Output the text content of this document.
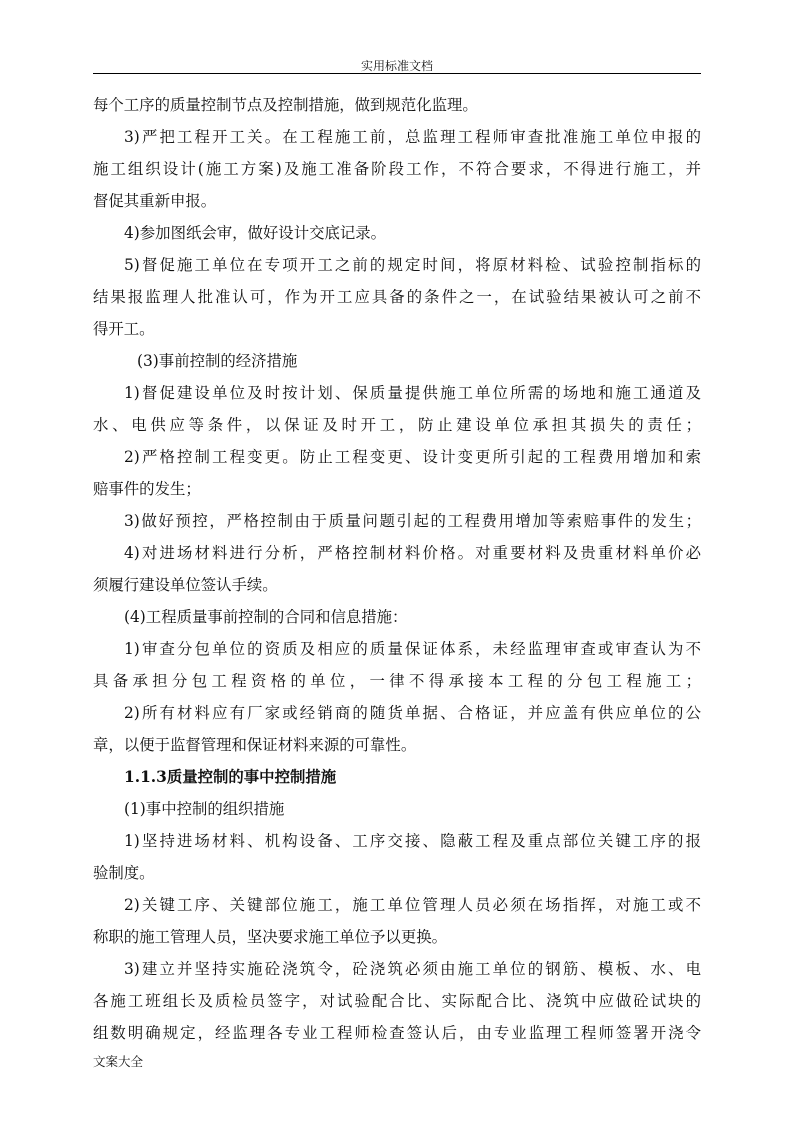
实用标准文档
每个工序的质量控制节点及控制措施，做到规范化监理。
3)严把工程开工关。在工程施工前，总监理工程师审查批准施工单位申报的
施工组织设计(施工方案)及施工准备阶段工作，不符合要求，不得进行施工，并
督促其重新申报。
4)参加图纸会审，做好设计交底记录。
5)督促施工单位在专项开工之前的规定时间，将原材料检、试验控制指标的
结果报监理人批准认可，作为开工应具备的条件之一，在试验结果被认可之前不
得开工。
(3)事前控制的经济措施
1)督促建设单位及时按计划、保质量提供施工单位所需的场地和施工通道及
水、电供应等条件，以保证及时开工，防止建设单位承担其损失的责任；
2)严格控制工程变更。防止工程变更、设计变更所引起的工程费用增加和索
赔事件的发生；
3)做好预控，严格控制由于质量问题引起的工程费用增加等索赔事件的发生；
4)对进场材料进行分析，严格控制材料价格。对重要材料及贵重材料单价必
须履行建设单位签认手续。
(4)工程质量事前控制的合同和信息措施：
1)审查分包单位的资质及相应的质量保证体系，未经监理审查或审查认为不
具备承担分包工程资格的单位，一律不得承接本工程的分包工程施工；
2)所有材料应有厂家或经销商的随货单据、合格证，并应盖有供应单位的公
章，以便于监督管理和保证材料来源的可靠性。
1.1.3质量控制的事中控制措施
(1)事中控制的组织措施
1)坚持进场材料、机构设备、工序交接、隐蔽工程及重点部位关键工序的报
验制度。
2)关键工序、关键部位施工，施工单位管理人员必须在场指挥，对施工或不
称职的施工管理人员，坚决要求施工单位予以更换。
3)建立并坚持实施砼浇筑令，砼浇筑必须由施工单位的钢筋、模板、水、电
各施工班组长及质检员签字，对试验配合比、实际配合比、浇筑中应做砼试块的
组数明确规定，经监理各专业工程师检查签认后，由专业监理工程师签署开浇令
文案大全
